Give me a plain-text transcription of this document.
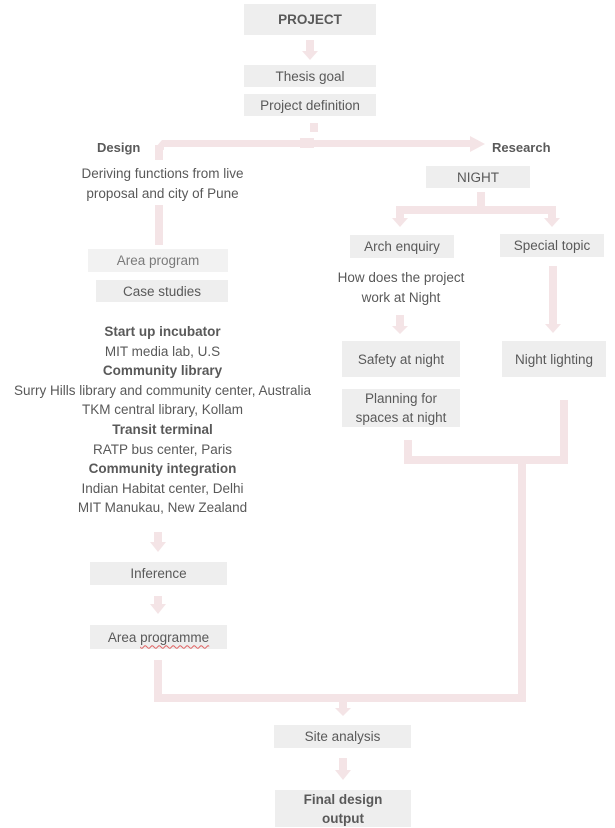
PROJECT
Thesis goal
Project definition
Design	Research
Deriving functions from live
proposal and city of Pune
Area program
Case studies
Start up incubator
MIT media lab, U.S
Community library
Surry Hills library and community center, Australia
TKM central library, Kollam
Transit terminal
RATP bus center, Paris
Community integration
Indian Habitat center, Delhi
MIT Manukau, New Zealand
Inference
Area programme
NIGHT
Arch enquiry	Special topic
How does the project
work at Night
Safety at night	Night lighting
Planning for
spaces at night
Site analysis
Final design
output
